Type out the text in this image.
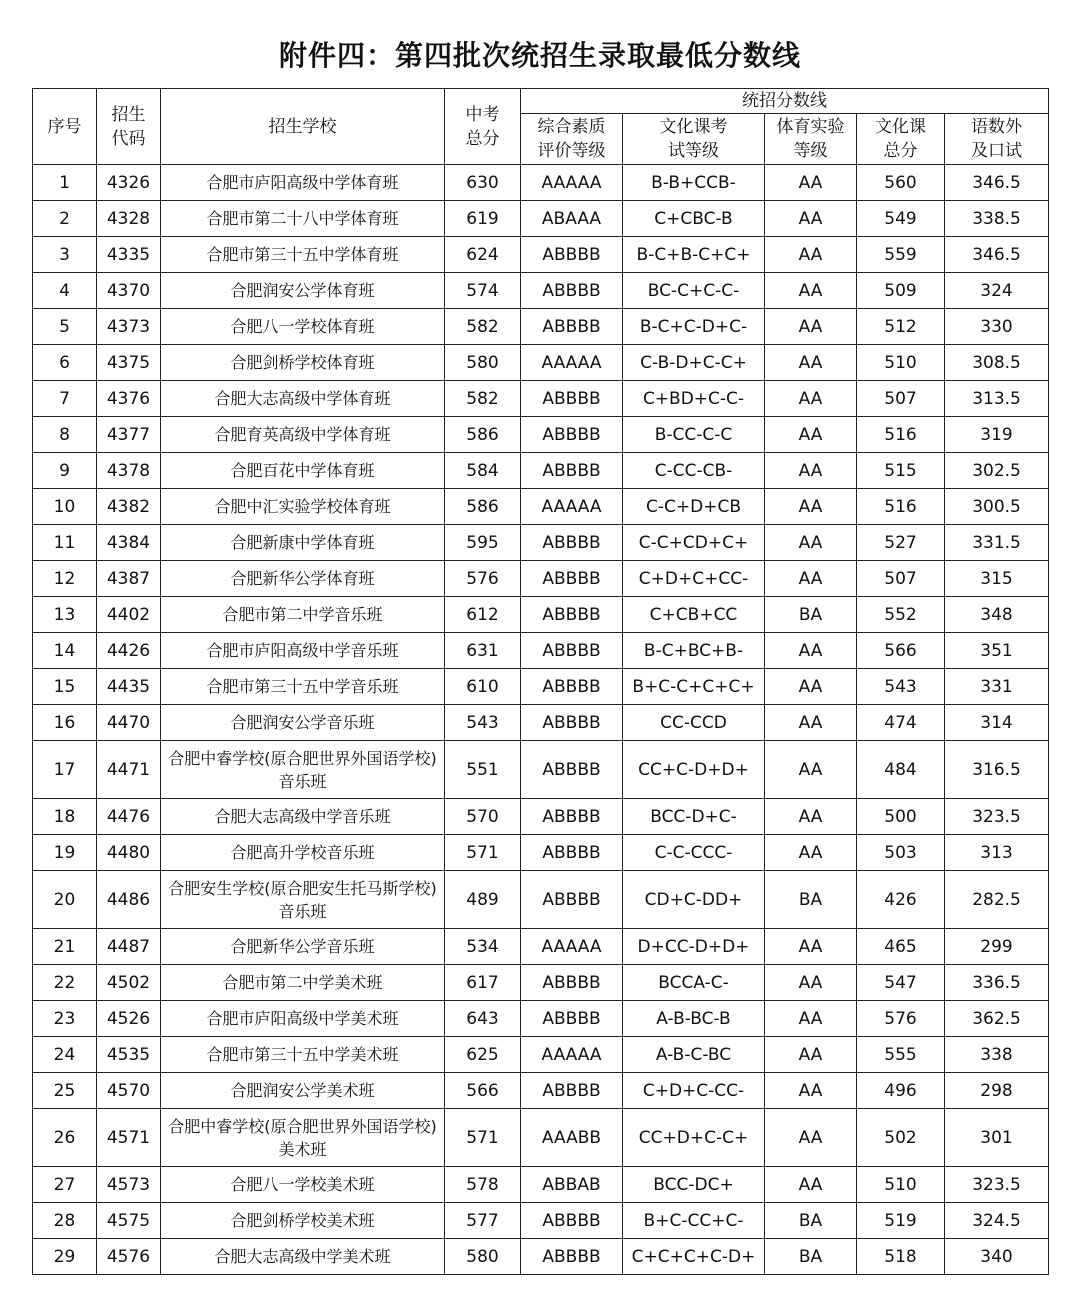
附件四：第四批次统招生录取最低分数线
序号	招生代码	招生学校	中考总分	统招分数线				

				综合素质评价等级	文化课考试等级	体育实验等级	文化课总分	语数外及口试

1	4326	合肥市庐阳高级中学体育班	630	AAAAA	B-B+CCB-	AA	560	346.5
2	4328	合肥市第二十八中学体育班	619	ABAAA	C+CBC-B	AA	549	338.5
3	4335	合肥市第三十五中学体育班	624	ABBBB	B-C+B-C+C+	AA	559	346.5
4	4370	合肥润安公学体育班	574	ABBBB	BC-C+C-C-	AA	509	324
5	4373	合肥八一学校体育班	582	ABBBB	B-C+C-D+C-	AA	512	330
6	4375	合肥剑桥学校体育班	580	AAAAA	C-B-D+C-C+	AA	510	308.5
7	4376	合肥大志高级中学体育班	582	ABBBB	C+BD+C-C-	AA	507	313.5
8	4377	合肥育英高级中学体育班	586	ABBBB	B-CC-C-C	AA	516	319
9	4378	合肥百花中学体育班	584	ABBBB	C-CC-CB-	AA	515	302.5
10	4382	合肥中汇实验学校体育班	586	AAAAA	C-C+D+CB	AA	516	300.5
11	4384	合肥新康中学体育班	595	ABBBB	C-C+CD+C+	AA	527	331.5
12	4387	合肥新华公学体育班	576	ABBBB	C+D+C+CC-	AA	507	315
13	4402	合肥市第二中学音乐班	612	ABBBB	C+CB+CC	BA	552	348
14	4426	合肥市庐阳高级中学音乐班	631	ABBBB	B-C+BC+B-	AA	566	351
15	4435	合肥市第三十五中学音乐班	610	ABBBB	B+C-C+C+C+	AA	543	331
16	4470	合肥润安公学音乐班	543	ABBBB	CC-CCD	AA	474	314
17	4471	合肥中睿学校(原合肥世界外国语学校)音乐班	551	ABBBB	CC+C-D+D+	AA	484	316.5
18	4476	合肥大志高级中学音乐班	570	ABBBB	BCC-D+C-	AA	500	323.5
19	4480	合肥高升学校音乐班	571	ABBBB	C-C-CCC-	AA	503	313
20	4486	合肥安生学校(原合肥安生托马斯学校)音乐班	489	ABBBB	CD+C-DD+	BA	426	282.5
21	4487	合肥新华公学音乐班	534	AAAAA	D+CC-D+D+	AA	465	299
22	4502	合肥市第二中学美术班	617	ABBBB	BCCA-C-	AA	547	336.5
23	4526	合肥市庐阳高级中学美术班	643	ABBBB	A-B-BC-B	AA	576	362.5
24	4535	合肥市第三十五中学美术班	625	AAAAA	A-B-C-BC	AA	555	338
25	4570	合肥润安公学美术班	566	ABBBB	C+D+C-CC-	AA	496	298
26	4571	合肥中睿学校(原合肥世界外国语学校)美术班	571	AAABB	CC+D+C-C+	AA	502	301
27	4573	合肥八一学校美术班	578	ABBAB	BCC-DC+	AA	510	323.5
28	4575	合肥剑桥学校美术班	577	ABBBB	B+C-CC+C-	BA	519	324.5
29	4576	合肥大志高级中学美术班	580	ABBBB	C+C+C+C-D+	BA	518	340
